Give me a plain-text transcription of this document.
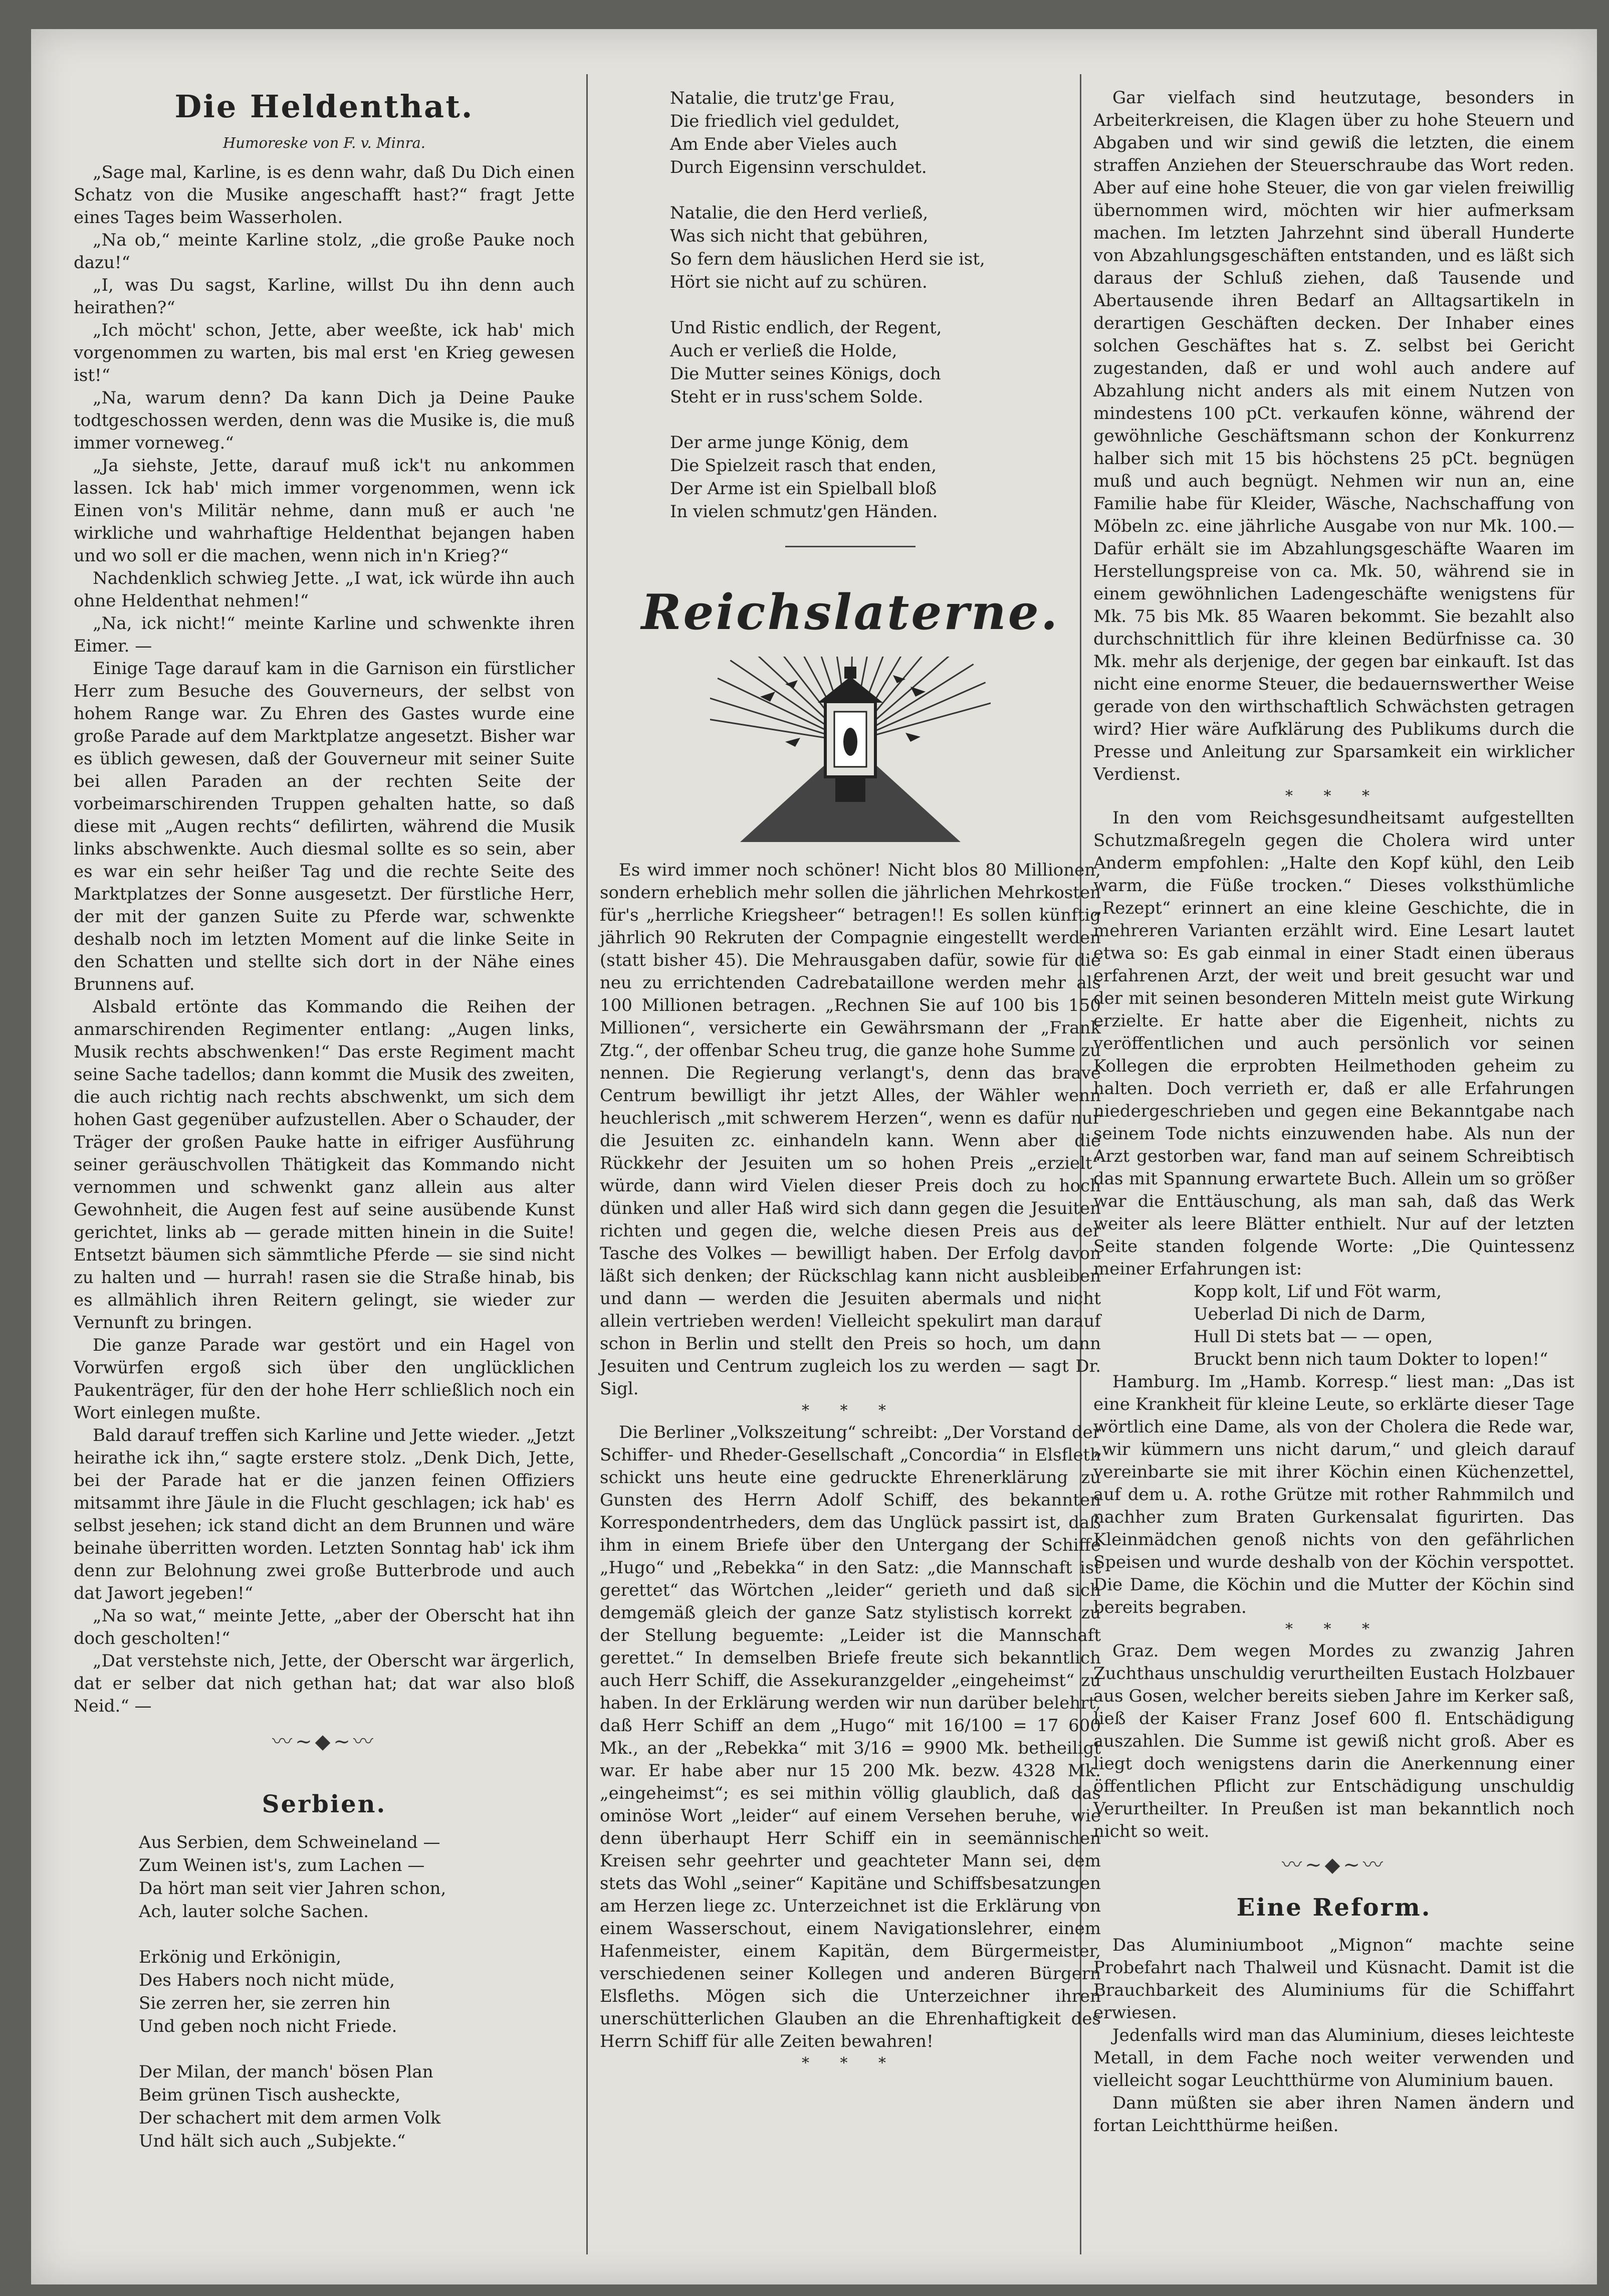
Die Heldenthat.
Humoreske von F. v. Minra.

„Sage mal, Karline, is es denn wahr, daß Du Dich einen Schatz von die Musike angeschafft hast?“ fragt Jette eines Tages beim Wasserholen.

„Na ob,“ meinte Karline stolz, „die große Pauke noch dazu!“

„I, was Du sagst, Karline, willst Du ihn denn auch heirathen?“

„Ich möcht' schon, Jette, aber weeßte, ick hab' mich vorgenommen zu warten, bis mal erst 'en Krieg gewesen ist!“

„Na, warum denn? Da kann Dich ja Deine Pauke todtgeschossen werden, denn was die Musike is, die muß immer vorneweg.“

„Ja siehste, Jette, darauf muß ick't nu ankommen lassen. Ick hab' mich immer vorgenommen, wenn ick Einen von's Militär nehme, dann muß er auch 'ne wirkliche und wahrhaftige Heldenthat bejangen haben und wo soll er die machen, wenn nich in'n Krieg?“

Nachdenklich schwieg Jette. „I wat, ick würde ihn auch ohne Heldenthat nehmen!“

„Na, ick nicht!“ meinte Karline und schwenkte ihren Eimer. —

Einige Tage darauf kam in die Garnison ein fürstlicher Herr zum Besuche des Gouverneurs, der selbst von hohem Range war. Zu Ehren des Gastes wurde eine große Parade auf dem Marktplatze angesetzt. Bisher war es üblich gewesen, daß der Gouverneur mit seiner Suite bei allen Paraden an der rechten Seite der vorbeimarschirenden Truppen gehalten hatte, so daß diese mit „Augen rechts“ defilirten, während die Musik links abschwenkte. Auch diesmal sollte es so sein, aber es war ein sehr heißer Tag und die rechte Seite des Marktplatzes der Sonne ausgesetzt. Der fürstliche Herr, der mit der ganzen Suite zu Pferde war, schwenkte deshalb noch im letzten Moment auf die linke Seite in den Schatten und stellte sich dort in der Nähe eines Brunnens auf.

Alsbald ertönte das Kommando die Reihen der anmarschirenden Regimenter entlang: „Augen links, Musik rechts abschwenken!“ Das erste Regiment macht seine Sache tadellos; dann kommt die Musik des zweiten, die auch richtig nach rechts abschwenkt, um sich dem hohen Gast gegenüber aufzustellen. Aber o Schauder, der Träger der großen Pauke hatte in eifriger Ausführung seiner geräuschvollen Thätigkeit das Kommando nicht vernommen und schwenkt ganz allein aus alter Gewohnheit, die Augen fest auf seine ausübende Kunst gerichtet, links ab — gerade mitten hinein in die Suite! Entsetzt bäumen sich sämmtliche Pferde — sie sind nicht zu halten und — hurrah! rasen sie die Straße hinab, bis es allmählich ihren Reitern gelingt, sie wieder zur Vernunft zu bringen.

Die ganze Parade war gestört und ein Hagel von Vorwürfen ergoß sich über den unglücklichen Paukenträger, für den der hohe Herr schließlich noch ein Wort einlegen mußte.

Bald darauf treffen sich Karline und Jette wieder. „Jetzt heirathe ick ihn,“ sagte erstere stolz. „Denk Dich, Jette, bei der Parade hat er die janzen feinen Offiziers mitsammt ihre Jäule in die Flucht geschlagen; ick hab' es selbst jesehen; ick stand dicht an dem Brunnen und wäre beinahe überritten worden. Letzten Sonntag hab' ick ihm denn zur Belohnung zwei große Butterbrode und auch dat Jawort jegeben!“

„Na so wat,“ meinte Jette, „aber der Oberscht hat ihn doch gescholten!“

„Dat verstehste nich, Jette, der Oberscht war ärgerlich, dat er selber dat nich gethan hat; dat war also bloß Neid.“ —

〰~◆~〰
Serbien.
Aus Serbien, dem Schweineland —
Zum Weinen ist's, zum Lachen —
Da hört man seit vier Jahren schon,
Ach, lauter solche Sachen.
Erkönig und Erkönigin,
Des Habers noch nicht müde,
Sie zerren her, sie zerren hin
Und geben noch nicht Friede.
Der Milan, der manch' bösen Plan
Beim grünen Tisch ausheckte,
Der schachert mit dem armen Volk
Und hält sich auch „Subjekte.“
Natalie, die trutz'ge Frau,
Die friedlich viel geduldet,
Am Ende aber Vieles auch
Durch Eigensinn verschuldet.
Natalie, die den Herd verließ,
Was sich nicht that gebühren,
So fern dem häuslichen Herd sie ist,
Hört sie nicht auf zu schüren.
Und Ristic endlich, der Regent,
Auch er verließ die Holde,
Die Mutter seines Königs, doch
Steht er in russ'schem Solde.
Der arme junge König, dem
Die Spielzeit rasch that enden,
Der Arme ist ein Spielball bloß
In vielen schmutz'gen Händen.
Reichslaterne.

Es wird immer noch schöner! Nicht blos 80 Millionen, sondern erheblich mehr sollen die jährlichen Mehrkosten für's „herrliche Kriegsheer“ betragen!! Es sollen künftig jährlich 90 Rekruten der Compagnie eingestellt werden (statt bisher 45). Die Mehrausgaben dafür, sowie für die neu zu errichtenden Cadrebataillone werden mehr als 100 Millionen betragen. „Rechnen Sie auf 100 bis 150 Millionen“, versicherte ein Gewährsmann der „Frank Ztg.“, der offenbar Scheu trug, die ganze hohe Summe zu nennen. Die Regierung verlangt's, denn das brave Centrum bewilligt ihr jetzt Alles, der Wähler wenn heuchlerisch „mit schwerem Herzen“, wenn es dafür nur die Jesuiten zc. einhandeln kann. Wenn aber die Rückkehr der Jesuiten um so hohen Preis „erzielt“ würde, dann wird Vielen dieser Preis doch zu hoch dünken und aller Haß wird sich dann gegen die Jesuiten richten und gegen die, welche diesen Preis aus der Tasche des Volkes — bewilligt haben. Der Erfolg davon läßt sich denken; der Rückschlag kann nicht ausbleiben und dann — werden die Jesuiten abermals und nicht allein vertrieben werden! Vielleicht spekulirt man darauf schon in Berlin und stellt den Preis so hoch, um dann Jesuiten und Centrum zugleich los zu werden — sagt Dr. Sigl.

* * *

Die Berliner „Volkszeitung“ schreibt: „Der Vorstand der Schiffer- und Rheder-Gesellschaft „Concordia“ in Elsfleth schickt uns heute eine gedruckte Ehrenerklärung zu Gunsten des Herrn Adolf Schiff, des bekannten Korrespondentrheders, dem das Unglück passirt ist, daß ihm in einem Briefe über den Untergang der Schiffe „Hugo“ und „Rebekka“ in den Satz: „die Mannschaft ist gerettet“ das Wörtchen „leider“ gerieth und daß sich demgemäß gleich der ganze Satz stylistisch korrekt zu der Stellung beguemte: „Leider ist die Mannschaft gerettet.“ In demselben Briefe freute sich bekanntlich auch Herr Schiff, die Assekuranzgelder „eingeheimst“ zu haben. In der Erklärung werden wir nun darüber belehrt, daß Herr Schiff an dem „Hugo“ mit 16/100 = 17 600 Mk., an der „Rebekka“ mit 3/16 = 9900 Mk. betheiligt war. Er habe aber nur 15 200 Mk. bezw. 4328 Mk. „eingeheimst“; es sei mithin völlig glaublich, daß das ominöse Wort „leider“ auf einem Versehen beruhe, wie denn überhaupt Herr Schiff ein in seemännischen Kreisen sehr geehrter und geachteter Mann sei, dem stets das Wohl „seiner“ Kapitäne und Schiffsbesatzungen am Herzen liege zc. Unterzeichnet ist die Erklärung von einem Wasserschout, einem Navigationslehrer, einem Hafenmeister, einem Kapitän, dem Bürgermeister, verschiedenen seiner Kollegen und anderen Bürgern Elsfleths. Mögen sich die Unterzeichner ihren unerschütterlichen Glauben an die Ehrenhaftigkeit des Herrn Schiff für alle Zeiten bewahren!

* * *

Gar vielfach sind heutzutage, besonders in Arbeiterkreisen, die Klagen über zu hohe Steuern und Abgaben und wir sind gewiß die letzten, die einem straffen Anziehen der Steuerschraube das Wort reden. Aber auf eine hohe Steuer, die von gar vielen freiwillig übernommen wird, möchten wir hier aufmerksam machen. Im letzten Jahrzehnt sind überall Hunderte von Abzahlungsgeschäften entstanden, und es läßt sich daraus der Schluß ziehen, daß Tausende und Abertausende ihren Bedarf an Alltagsartikeln in derartigen Geschäften decken. Der Inhaber eines solchen Geschäftes hat s. Z. selbst bei Gericht zugestanden, daß er und wohl auch andere auf Abzahlung nicht anders als mit einem Nutzen von mindestens 100 pCt. verkaufen könne, während der gewöhnliche Geschäftsmann schon der Konkurrenz halber sich mit 15 bis höchstens 25 pCt. begnügen muß und auch begnügt. Nehmen wir nun an, eine Familie habe für Kleider, Wäsche, Nachschaffung von Möbeln zc. eine jährliche Ausgabe von nur Mk. 100.— Dafür erhält sie im Abzahlungsgeschäfte Waaren im Herstellungspreise von ca. Mk. 50, während sie in einem gewöhnlichen Ladengeschäfte wenigstens für Mk. 75 bis Mk. 85 Waaren bekommt. Sie bezahlt also durchschnittlich für ihre kleinen Bedürfnisse ca. 30 Mk. mehr als derjenige, der gegen bar einkauft. Ist das nicht eine enorme Steuer, die bedauernswerther Weise gerade von den wirthschaftlich Schwächsten getragen wird? Hier wäre Aufklärung des Publikums durch die Presse und Anleitung zur Sparsamkeit ein wirklicher Verdienst.

* * *

In den vom Reichsgesundheitsamt aufgestellten Schutzmaßregeln gegen die Cholera wird unter Anderm empfohlen: „Halte den Kopf kühl, den Leib warm, die Füße trocken.“ Dieses volksthümliche „Rezept“ erinnert an eine kleine Geschichte, die in mehreren Varianten erzählt wird. Eine Lesart lautet etwa so: Es gab einmal in einer Stadt einen überaus erfahrenen Arzt, der weit und breit gesucht war und der mit seinen besonderen Mitteln meist gute Wirkung erzielte. Er hatte aber die Eigenheit, nichts zu veröffentlichen und auch persönlich vor seinen Kollegen die erprobten Heilmethoden geheim zu halten. Doch verrieth er, daß er alle Erfahrungen niedergeschrieben und gegen eine Bekanntgabe nach seinem Tode nichts einzuwenden habe. Als nun der Arzt gestorben war, fand man auf seinem Schreibtisch das mit Spannung erwartete Buch. Allein um so größer war die Enttäuschung, als man sah, daß das Werk weiter als leere Blätter enthielt. Nur auf der letzten Seite standen folgende Worte: „Die Quintessenz meiner Erfahrungen ist:

Kopp kolt, Lif und Föt warm,
Ueberlad Di nich de Darm,
Hull Di stets bat — — open,
Bruckt benn nich taum Dokter to lopen!“

Hamburg. Im „Hamb. Korresp.“ liest man: „Das ist eine Krankheit für kleine Leute, so erklärte dieser Tage wörtlich eine Dame, als von der Cholera die Rede war, „wir kümmern uns nicht darum,“ und gleich darauf vereinbarte sie mit ihrer Köchin einen Küchenzettel, auf dem u. A. rothe Grütze mit rother Rahmmilch und nachher zum Braten Gurkensalat figurirten. Das Kleinmädchen genoß nichts von den gefährlichen Speisen und wurde deshalb von der Köchin verspottet. Die Dame, die Köchin und die Mutter der Köchin sind bereits begraben.

* * *

Graz. Dem wegen Mordes zu zwanzig Jahren Zuchthaus unschuldig verurtheilten Eustach Holzbauer aus Gosen, welcher bereits sieben Jahre im Kerker saß, ließ der Kaiser Franz Josef 600 fl. Entschädigung auszahlen. Die Summe ist gewiß nicht groß. Aber es liegt doch wenigstens darin die Anerkennung einer öffentlichen Pflicht zur Entschädigung unschuldig Verurtheilter. In Preußen ist man bekanntlich noch nicht so weit.

〰~◆~〰
Eine Reform.

Das Aluminiumboot „Mignon“ machte seine Probefahrt nach Thalweil und Küsnacht. Damit ist die Brauchbarkeit des Aluminiums für die Schiffahrt erwiesen.

Jedenfalls wird man das Aluminium, dieses leichteste Metall, in dem Fache noch weiter verwenden und vielleicht sogar Leuchtthürme von Aluminium bauen.

Dann müßten sie aber ihren Namen ändern und fortan Leichtthürme heißen.
